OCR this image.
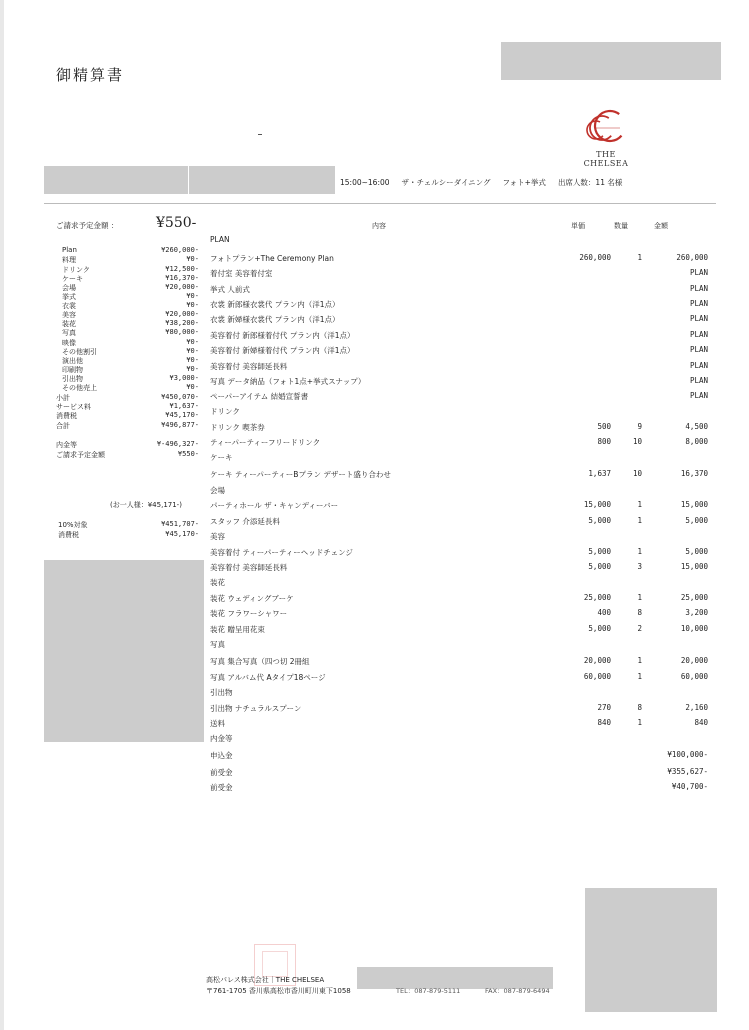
御精算書
THE
CHELSEA
15:00~16:00 ザ・チェルシーダイニング フォト+挙式 出席人数：11 名様
ご請求予定金額 ：	¥550-
Plan	¥260,000-
料理	¥0-
ドリンク	¥12,500-
ケーキ	¥16,370-
会場	¥20,000-
挙式	¥0-
衣裳	¥0-
美容	¥20,000-
装花	¥38,200-
写真	¥80,000-
映像	¥0-
その他割引	¥0-
演出他	¥0-
印刷物	¥0-
引出物	¥3,000-
その他売上	¥0-
小計	¥450,070-
サービス料	¥1,637-
消費税	¥45,170-
合計	¥496,877-
内金等	¥-496,327-
ご請求予定金額	¥550-
(お一人様：¥45,171-)
10%対象	¥451,707-
消費税	¥45,170-
内容	単価	数量	金額
PLAN
フォトプラン+The Ceremony Plan	260,000	1	260,000
着付室 美容着付室	PLAN
挙式 人前式	PLAN
衣裳 新郎様衣裳代 プラン内（洋1点）	PLAN
衣裳 新婦様衣裳代 プラン内（洋1点）	PLAN
美容着付 新郎様着付代 プラン内（洋1点）	PLAN
美容着付 新婦様着付代 プラン内（洋1点）	PLAN
美容着付 美容師延長料	PLAN
写真 データ納品（フォト1点+挙式スナップ）	PLAN
ペーパーアイテム 結婚宣誓書	PLAN
ドリンク
ドリンク 喫茶券	500	9	4,500
ティーパーティーフリードリンク	800	10	8,000
ケーキ
ケーキ ティーパーティーBプラン デザート盛り合わせ	1,637	10	16,370
会場
パーティホール ザ・キャンディーバー	15,000	1	15,000
スタッフ 介添延長料	5,000	1	5,000
美容
美容着付 ティーパーティーヘッドチェンジ	5,000	1	5,000
美容着付 美容師延長料	5,000	3	15,000
装花
装花 ウェディングブーケ	25,000	1	25,000
装花 フラワーシャワー	400	8	3,200
装花 贈呈用花束	5,000	2	10,000
写真
写真 集合写真（四つ切 2冊組	20,000	1	20,000
写真 アルバム代 Aタイプ18ページ	60,000	1	60,000
引出物
引出物 ナチュラルスプーン	270	8	2,160
送料	840	1	840
内金等
申込金	¥100,000-
前受金	¥355,627-
前受金	¥40,700-
高松パレス株式会社｜THE CHELSEA
〒761-1705 香川県高松市香川町川東下1058	TEL：087-879-5111	FAX：087-879-6494
